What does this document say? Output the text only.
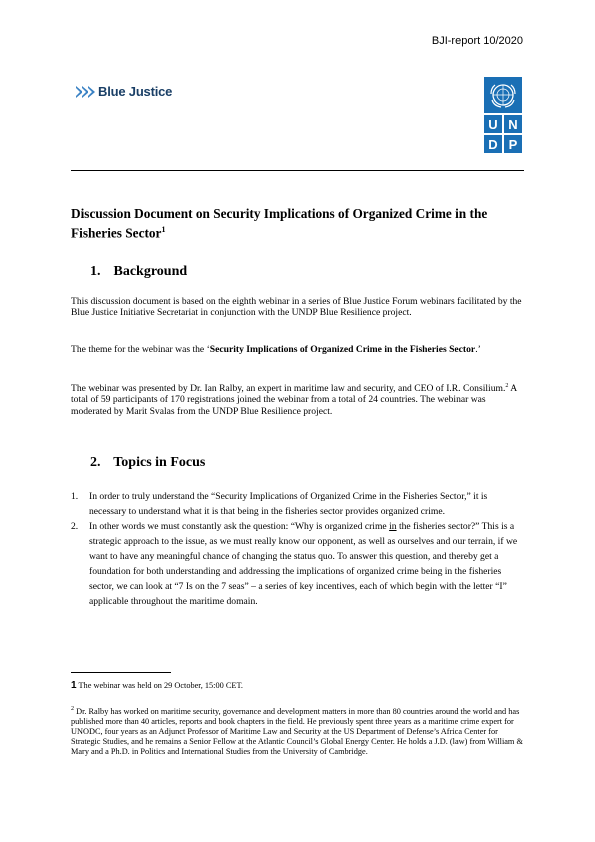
BJI-report 10/2020
Blue Justice
U N
D P
Discussion Document on Security Implications of Organized Crime in the Fisheries Sector$^1$
1. Background

This discussion document is based on the eighth webinar in a series of Blue Justice Forum webinars facilitated by the Blue Justice Initiative Secretariat in conjunction with the UNDP Blue Resilience project.

The theme for the webinar was the ‘Security Implications of Organized Crime in the Fisheries Sector.’

The webinar was presented by Dr. Ian Ralby, an expert in maritime law and security, and CEO of I.R. Consilium.$^2$ A total of 59 participants of 170 registrations joined the webinar from a total of 24 countries. The webinar was moderated by Marit Svalas from the UNDP Blue Resilience project.

2. Topics in Focus
1.	In order to truly understand the “Security Implications of Organized Crime in the Fisheries Sector,” it is necessary to understand what it is that being in the fisheries sector provides organized crime.
2.	In other words we must constantly ask the question: “Why is organized crime in the fisheries sector?” This is a strategic approach to the issue, as we must really know our opponent, as well as ourselves and our terrain, if we want to have any meaningful chance of changing the status quo. To answer this question, and thereby get a foundation for both understanding and addressing the implications of organized crime being in the fisheries sector, we can look at “7 Is on the 7 seas” – a series of key incentives, each of which begin with the letter “I” applicable throughout the maritime domain.

1 The webinar was held on 29 October, 15:00 CET.

$^2$ Dr. Ralby has worked on maritime security, governance and development matters in more than 80 countries around the world and has published more than 40 articles, reports and book chapters in the field. He previously spent three years as a maritime crime expert for UNODC, four years as an Adjunct Professor of Maritime Law and Security at the US Department of Defense’s Africa Center for Strategic Studies, and he remains a Senior Fellow at the Atlantic Council’s Global Energy Center. He holds a J.D. (law) from William & Mary and a Ph.D. in Politics and International Studies from the University of Cambridge.
